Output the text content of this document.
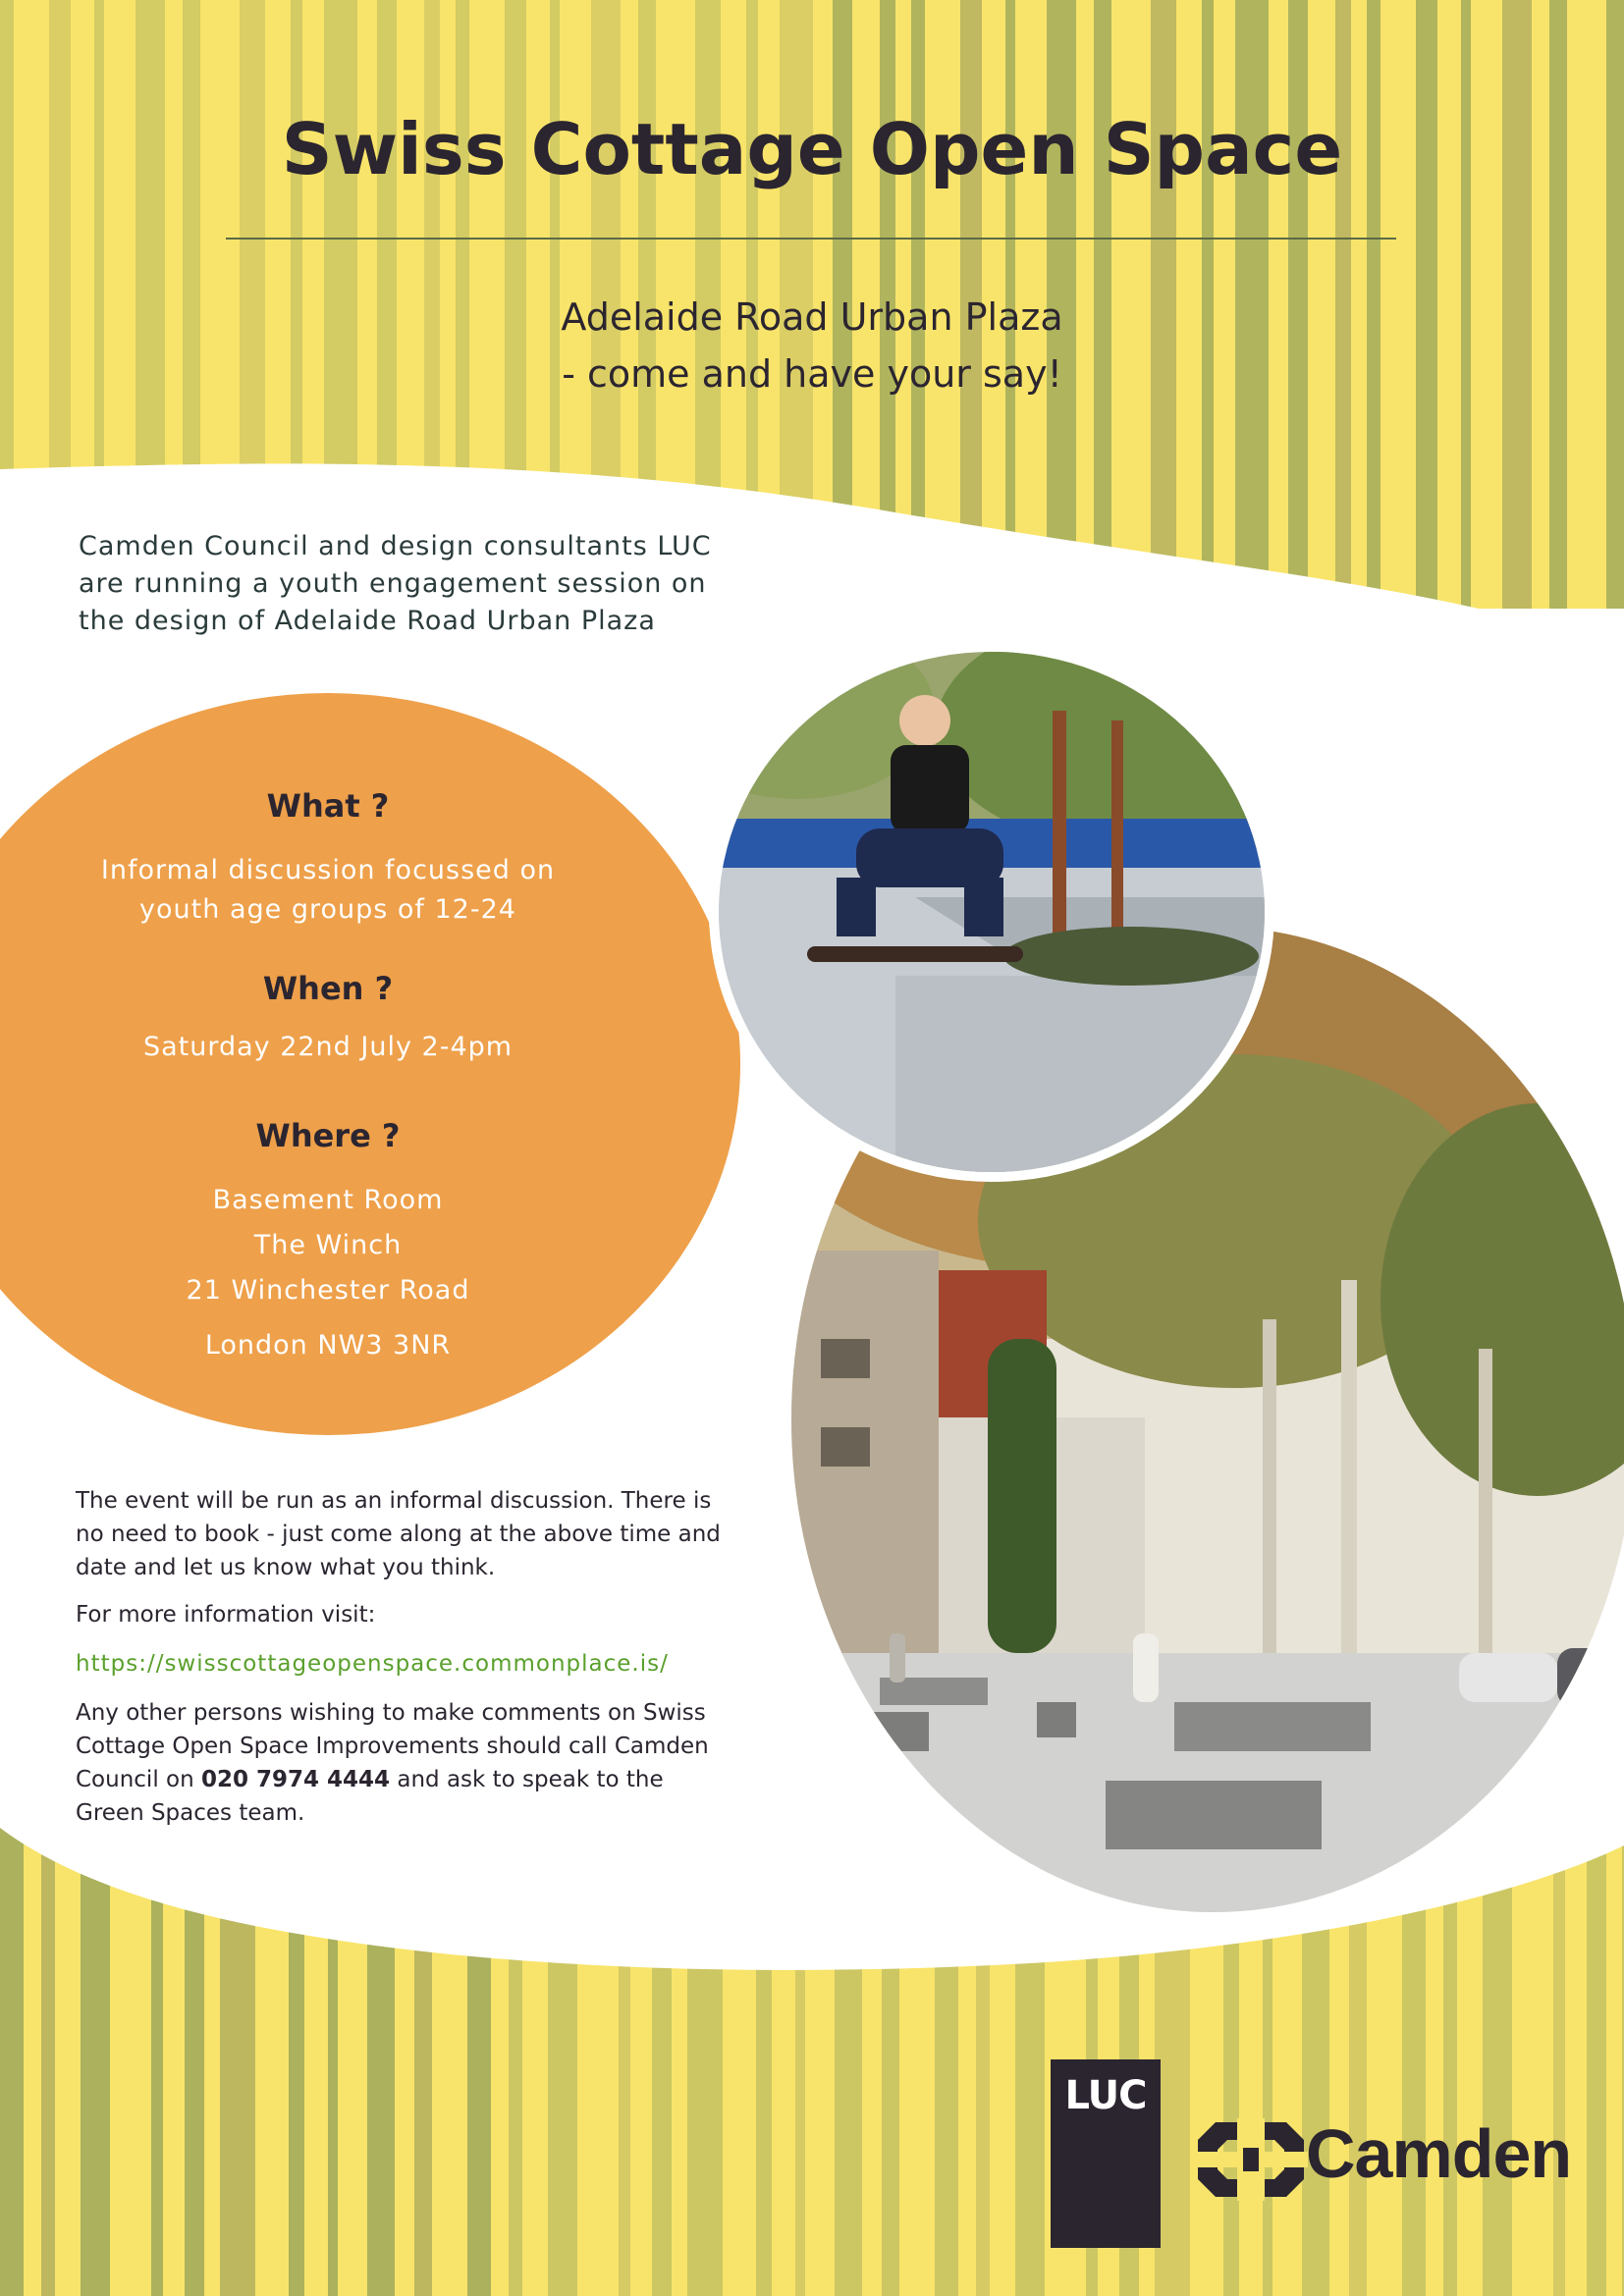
Swiss Cottage Open Space
Adelaide Road Urban Plaza
- come and have your say!
Camden Council and design consultants LUC
are running a youth engagement session on
the design of Adelaide Road Urban Plaza
What ?
Informal discussion focussed on
youth age groups of 12-24
When ?
Saturday 22nd July 2-4pm
Where ?
Basement Room
The Winch
21 Winchester Road
London NW3 3NR
The event will be run as an informal discussion. There is
no need to book - just come along at the above time and
date and let us know what you think.
For more information visit:
https://swisscottageopenspace.commonplace.is/
Any other persons wishing to make comments on Swiss
Cottage Open Space Improvements should call Camden
Council on 020 7974 4444 and ask to speak to the
Green Spaces team.
LUC
Camden
